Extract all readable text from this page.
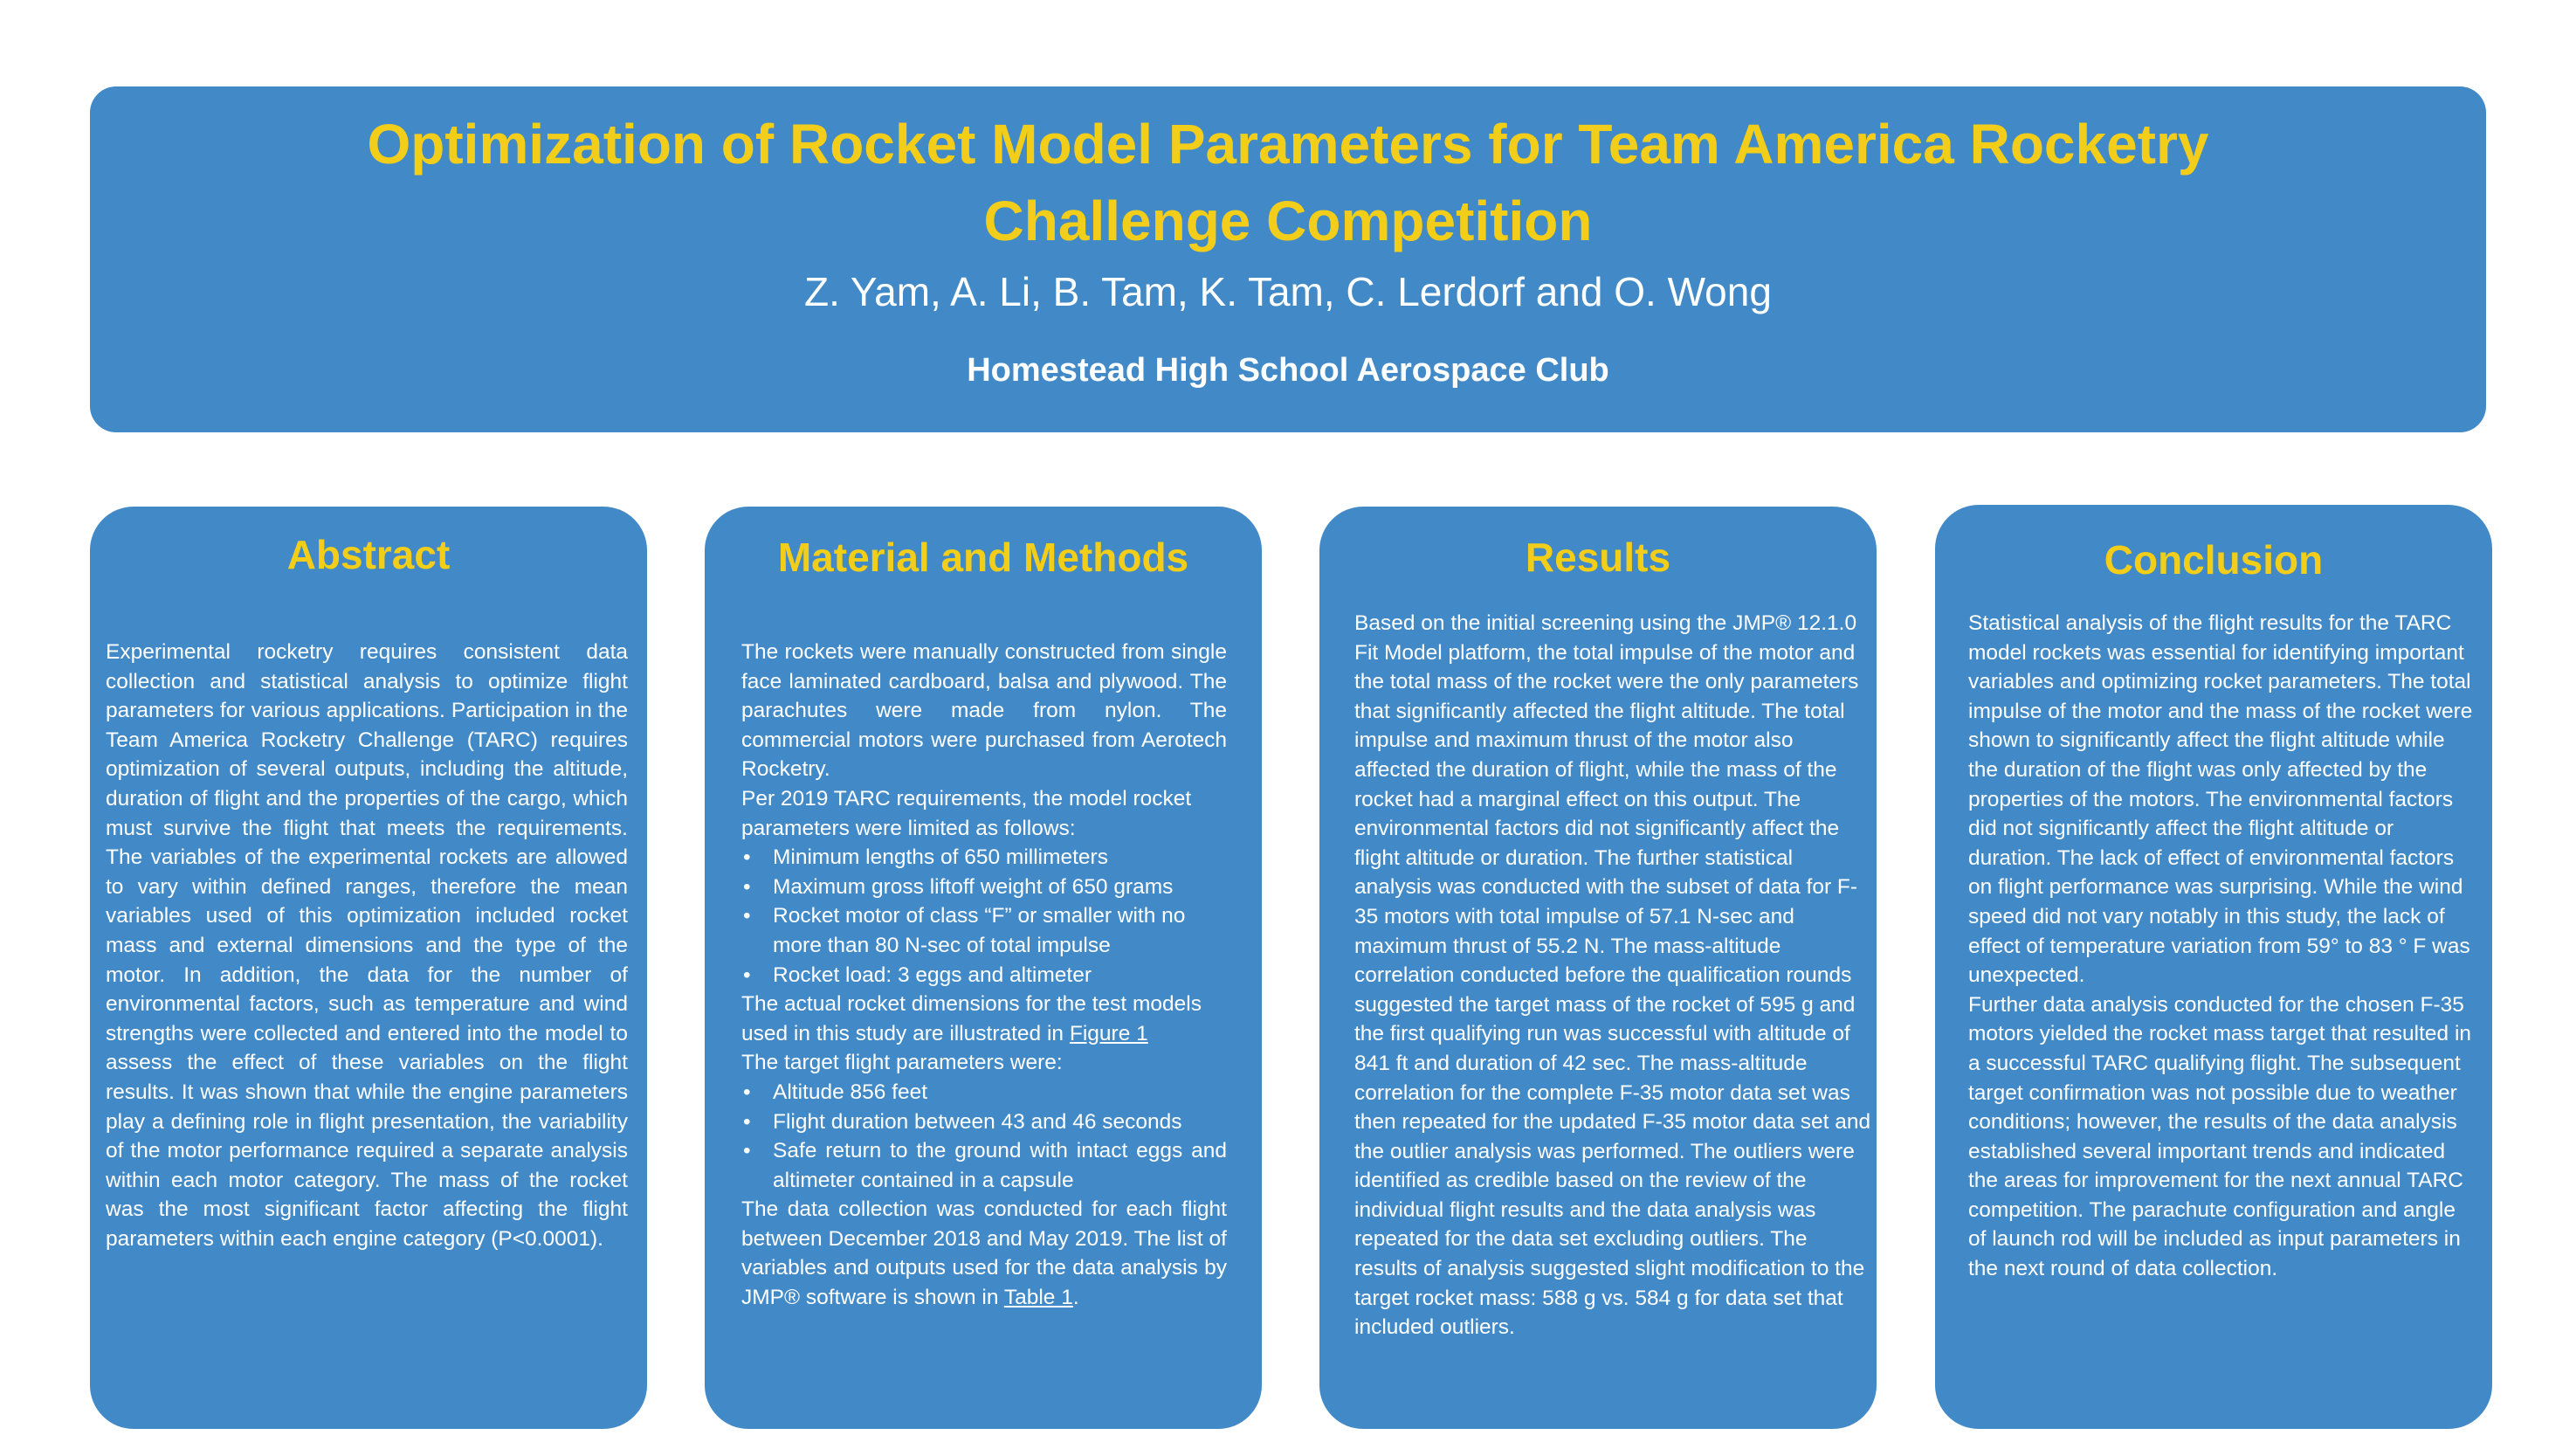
Optimization of Rocket Model Parameters for Team America Rocketry
Challenge Competition
Z. Yam, A. Li, B. Tam, K. Tam, C. Lerdorf and O. Wong
Homestead High School Aerospace Club
Abstract

Experimental rocketry requires consistent data collection and statistical analysis to optimize flight parameters for various applications. Participation in the Team America Rocketry Challenge (TARC) requires optimization of several outputs, including the altitude, duration of flight and the properties of the cargo, which must survive the flight that meets the requirements. The variables of the experimental rockets are allowed to vary within defined ranges, therefore the mean variables used of this optimization included rocket mass and external dimensions and the type of the motor. In addition, the data for the number of environmental factors, such as temperature and wind strengths were collected and entered into the model to assess the effect of these variables on the flight results. It was shown that while the engine parameters play a defining role in flight presentation, the variability of the motor performance required a separate analysis within each motor category. The mass of the rocket was the most significant factor affecting the flight parameters within each engine category (P<0.0001).

Material and Methods

The rockets were manually constructed from single face laminated cardboard, balsa and plywood. The parachutes were made from nylon. The commercial motors were purchased from Aerotech Rocketry.

Per 2019 TARC requirements, the model rocket parameters were limited as follows:

• Minimum lengths of 650 millimeters
• Maximum gross liftoff weight of 650 grams
• Rocket motor of class “F” or smaller with no more than 80 N-sec of total impulse
• Rocket load: 3 eggs and altimeter

The actual rocket dimensions for the test models used in this study are illustrated in Figure 1

The target flight parameters were:

• Altitude 856 feet
• Flight duration between 43 and 46 seconds
• Safe return to the ground with intact eggs and altimeter contained in a capsule

The data collection was conducted for each flight between December 2018 and May 2019. The list of variables and outputs used for the data analysis by JMP® software is shown in Table 1.

Results

Based on the initial screening using the JMP® 12.1.0 Fit Model platform, the total impulse of the motor and the total mass of the rocket were the only parameters that significantly affected the flight altitude. The total impulse and maximum thrust of the motor also affected the duration of flight, while the mass of the rocket had a marginal effect on this output. The environmental factors did not significantly affect the flight altitude or duration. The further statistical analysis was conducted with the subset of data for F-35 motors with total impulse of 57.1 N-sec and maximum thrust of 55.2 N. The mass-altitude correlation conducted before the qualification rounds suggested the target mass of the rocket of 595 g and the first qualifying run was successful with altitude of 841 ft and duration of 42 sec. The mass-altitude correlation for the complete F-35 motor data set was then repeated for the updated F-35 motor data set and the outlier analysis was performed. The outliers were identified as credible based on the review of the individual flight results and the data analysis was repeated for the data set excluding outliers. The results of analysis suggested slight modification to the target rocket mass: 588 g vs. 584 g for data set that included outliers.

Conclusion

Statistical analysis of the flight results for the TARC model rockets was essential for identifying important variables and optimizing rocket parameters. The total impulse of the motor and the mass of the rocket were shown to significantly affect the flight altitude while the duration of the flight was only affected by the properties of the motors. The environmental factors did not significantly affect the flight altitude or duration. The lack of effect of environmental factors on flight performance was surprising. While the wind speed did not vary notably in this study, the lack of effect of temperature variation from 59° to 83 ° F was unexpected.

Further data analysis conducted for the chosen F-35 motors yielded the rocket mass target that resulted in a successful TARC qualifying flight. The subsequent target confirmation was not possible due to weather conditions; however, the results of the data analysis established several important trends and indicated the areas for improvement for the next annual TARC competition. The parachute configuration and angle of launch rod will be included as input parameters in the next round of data collection.
